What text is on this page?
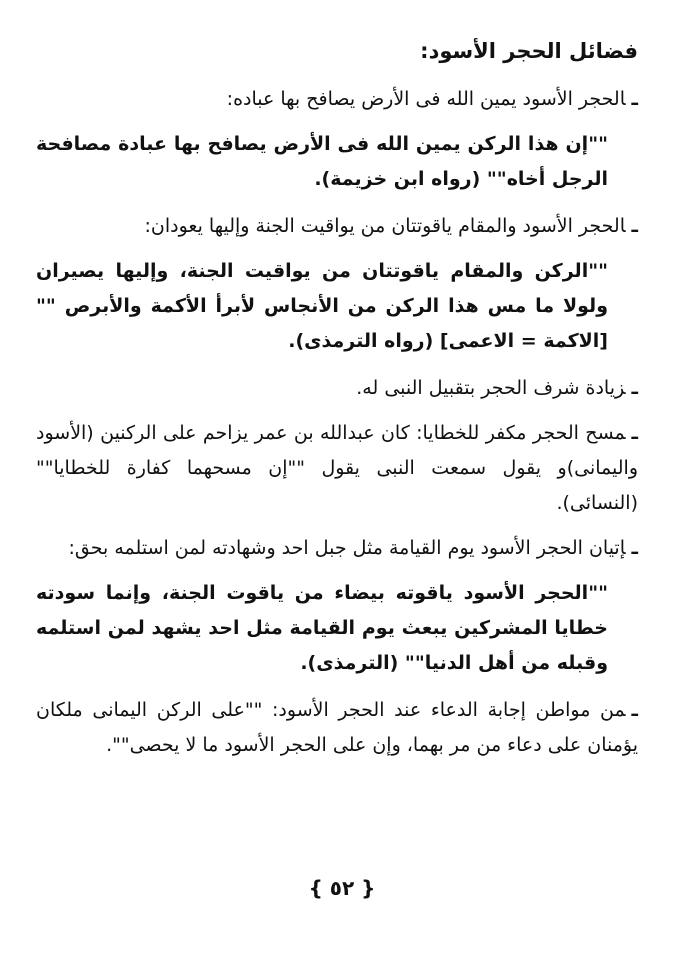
فضائل الحجر الأسود:
ـالحجر الأسود يمين الله فى الأرض يصافح بها عباده:
""إن هذا الركن يمين الله فى الأرض يصافح بها عبادة مصافحة الرجل أخاه"" (رواه ابن خزيمة).
ـالحجر الأسود والمقام ياقوتتان من يواقيت الجنة وإليها يعودان:
""الركن والمقام ياقوتتان من يواقيت الجنة، وإليها يصيران ولولا ما مس هذا الركن من الأنجاس لأبرأ الأكمة والأبرص ""[الاكمة = الاعمى] (رواه الترمذى).
ـزيادة شرف الحجر بتقبيل النبى له.
ـمسح الحجر مكفر للخطايا: كان عبدالله بن عمر يزاحم على الركنين (الأسود واليمانى)و يقول سمعت النبى يقول ""إن مسحهما كفارة للخطايا"" (النسائى).
ـإتيان الحجر الأسود يوم القيامة مثل جبل احد وشهادته لمن استلمه بحق:
""الحجر الأسود ياقوته بيضاء من ياقوت الجنة، وإنما سودته خطايا المشركين يبعث يوم القيامة مثل احد يشهد لمن استلمه وقبله من أهل الدنيا"" (الترمذى).
ـمن مواطن إجابة الدعاء عند الحجر الأسود: ""على الركن اليمانى ملكان يؤمنان على دعاء من مر بهما، وإن على الحجر الأسود ما لا يحصى"".
{ ٥٢ }
